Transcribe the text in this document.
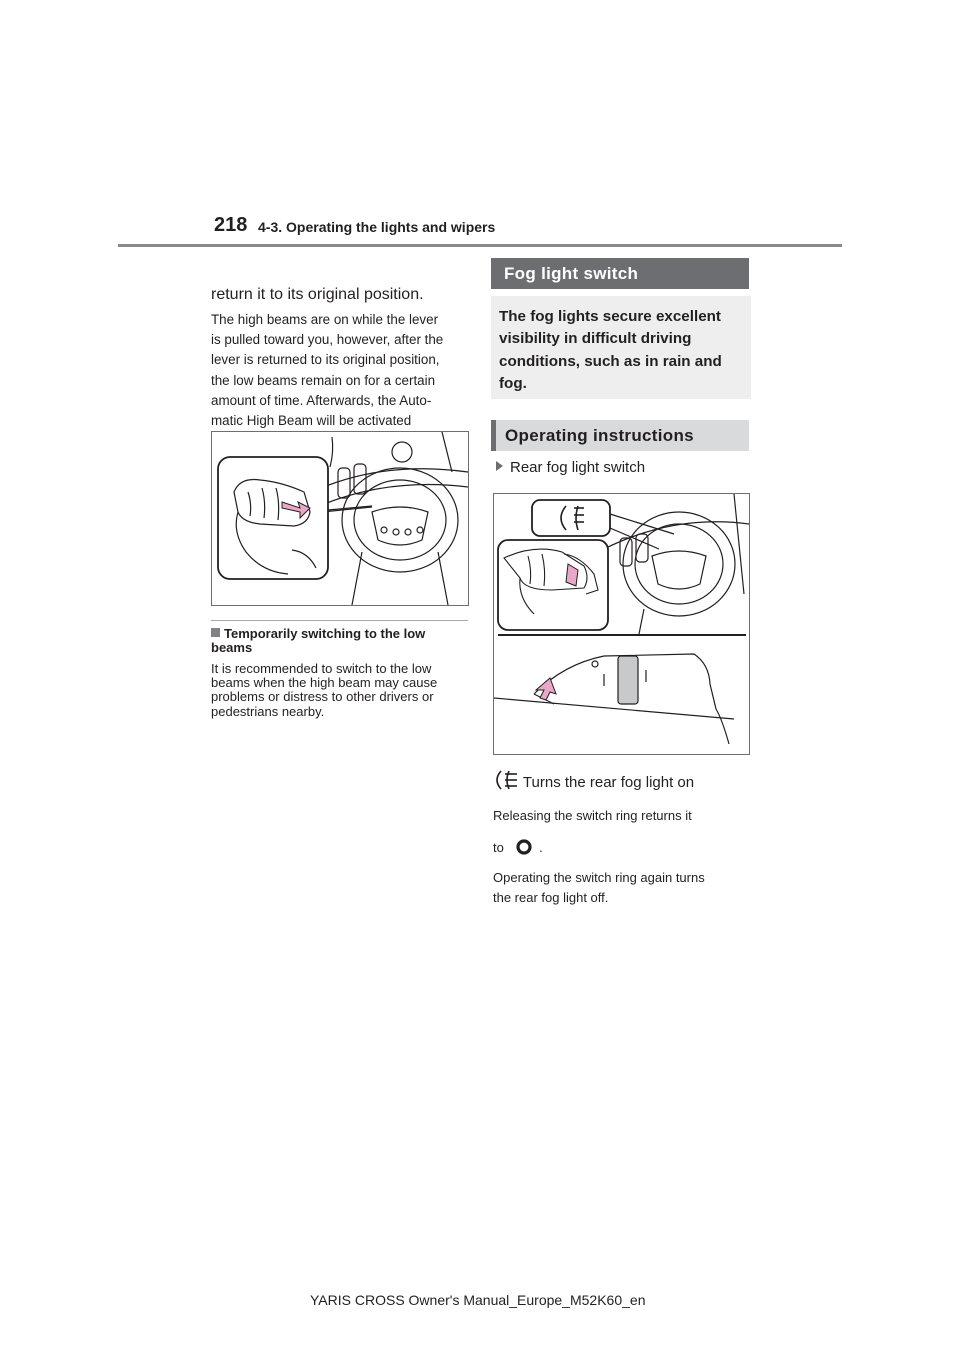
218 4-3. Operating the lights and wipers
return it to its original position.
The high beams are on while the lever
is pulled toward you, however, after the
lever is returned to its original position,
the low beams remain on for a certain
amount of time. Afterwards, the Auto-
matic High Beam will be activated
Temporarily switching to the low beams
It is recommended to switch to the low beams when the high beam may cause problems or distress to other drivers or pedestrians nearby.
Fog light switch
The fog lights secure excellent visibility in difficult driving conditions, such as in rain and fog.
Operating instructions
Rear fog light switch
Turns the rear fog light on
Releasing the switch ring returns it
to	.
Operating the switch ring again turns
the rear fog light off.
YARIS CROSS Owner's Manual_Europe_M52K60_en
